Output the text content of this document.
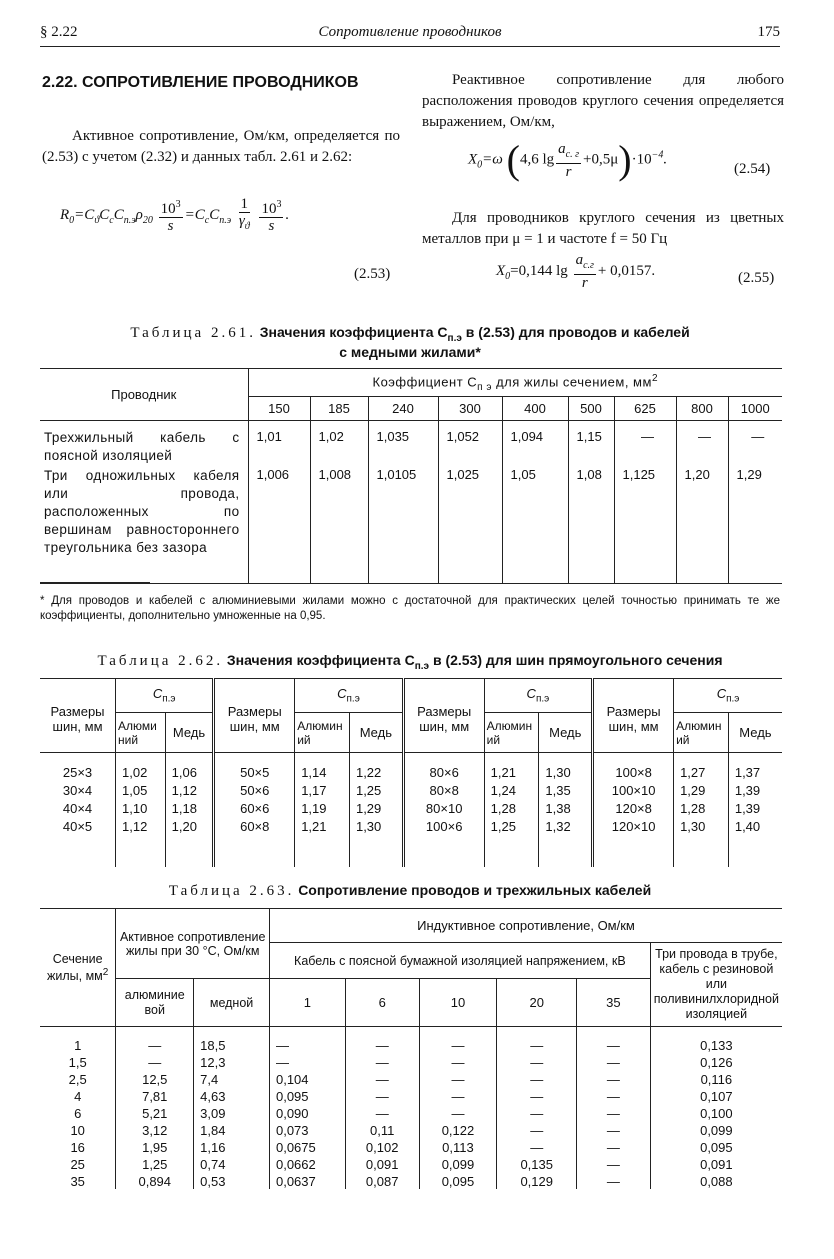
§ 2.22	Сопротивление проводников	175
2.22. СОПРОТИВЛЕНИЕ ПРОВОДНИКОВ

Активное сопротивление, Ом/км, определяется по (2.53) с учетом (2.32) и данных табл. 2.61 и 2.62:

$R_0=C_ϑC_сC_{п.э}\rho_{20} \frac{10^3}{s} =C_сC_{п.э} \frac{1}{\gamma_ϑ}$
$\frac{10^3}{s}$ .
(2.53)

Реактивное сопротивление для любого расположения проводов круглого сечения определяется выражением, Ом/км,

$X_0=\omega$ (4,6 $\lg \frac{a_{с. г}}{r} +0,5\mu)\cdot 10^{-4}$.
(2.54)

Для проводников круглого сечения из цветных металлов при μ = 1 и частоте f = 50 Гц

$X_0=0,144$ $\lg \frac{a_{с.г}}{r} + 0,0157$.	(2.55)
Таблица 2.61. Значения коэффициента $C_{п.э}$ в (2.53) для проводов и кабелей
с медными жилами*
Проводник	Коэффициент $C_{п э}$ для жилы сечением, $мм^2$
	150	185	240	300	400	500	625	800	1000
Трехжильный кабель с поясной изоляцией	1,01	1,02	1,035	1,052	1,094	1,15	—	—	—
Три одножильных кабеля или провода, расположенных по вершинам равностороннего треугольника без зазора	1,006	1,008	1,0105	1,025	1,05	1,08	1,125	1,20	1,29
* Для проводов и кабелей с алюминиевыми жилами можно с достаточной для практических целей точностью принимать те же коэффициенты, дополнительно умноженные на 0,95.
Таблица 2.62. Значения коэффициента $C_{п.э}$ в (2.53) для шин прямоугольного сечения
Размеры шин, мм	$C_{п.э}$		Размеры шин, мм	$C_{п.э}$		Размеры шин, мм	$C_{п.э}$		Размеры шин, мм	$C_{п.э}$
	Алюминий	Медь		Алюминий	Медь		Алюминий	Медь		Алюминий	Медь
25×3	1,02	1,06	50×5	1,14	1,22	80×6	1,21	1,30	100×8	1,27	1,37
30×4	1,05	1,12	50×6	1,17	1,25	80×8	1,24	1,35	100×10	1,29	1,39
40×4	1,10	1,18	60×6	1,19	1,29	80×10	1,28	1,38	120×8	1,28	1,39
40×5	1,12	1,20	60×8	1,21	1,30	100×6	1,25	1,32	120×10	1,30	1,40
Таблица 2.63. Сопротивление проводов и трехжильных кабелей
Сечение жилы, $мм^2$	Активное сопротивление жилы при 30 °С, Ом/км		Индуктивное сопротивление, Ом/км					
			Кабель с поясной бумажной изоляцией напряжением, кВ					Три провода в трубе, кабель с резиновой или поливинилхлоридной изоляцией
	алюминиевой	медной	1	6	10	20	35	
1	—	18,5	—	—	—	—	—	0,133
1,5	—	12,3	—	—	—	—	—	0,126
2,5	12,5	7,4	0,104	—	—	—	—	0,116
4	7,81	4,63	0,095	—	—	—	—	0,107
6	5,21	3,09	0,090	—	—	—	—	0,100
10	3,12	1,84	0,073	0,11	0,122	—	—	0,099
16	1,95	1,16	0,0675	0,102	0,113	—	—	0,095
25	1,25	0,74	0,0662	0,091	0,099	0,135	—	0,091
35	0,894	0,53	0,0637	0,087	0,095	0,129	—	0,088
